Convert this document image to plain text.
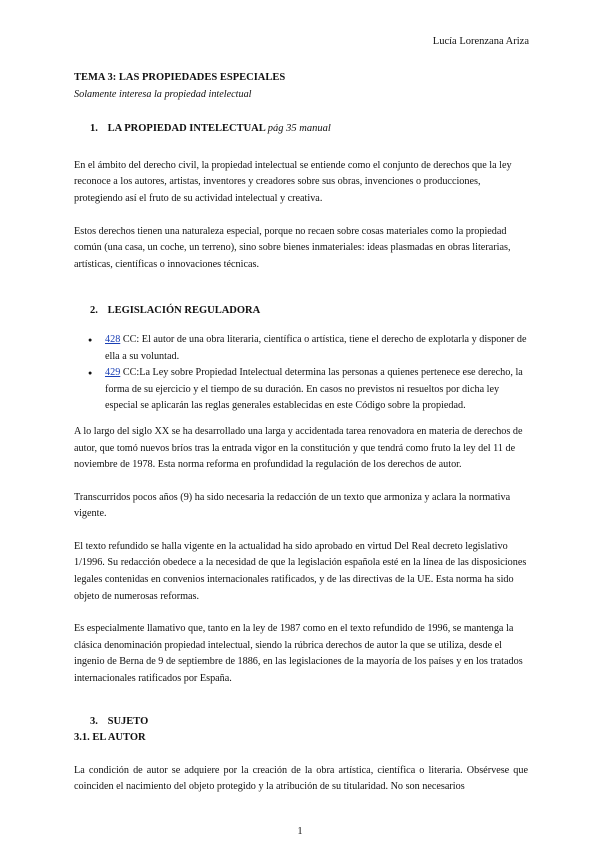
Lucía Lorenzana Ariza

TEMA 3: LAS PROPIEDADES ESPECIALES

Solamente interesa la propiedad intelectual

1. LA PROPIEDAD INTELECTUAL pág 35 manual

En el ámbito del derecho civil, la propiedad intelectual se entiende como el conjunto de derechos que la ley reconoce a los autores, artistas, inventores y creadores sobre sus obras, invenciones o producciones, protegiendo así el fruto de su actividad intelectual y creativa.

Estos derechos tienen una naturaleza especial, porque no recaen sobre cosas materiales como la propiedad común (una casa, un coche, un terreno), sino sobre bienes inmateriales: ideas plasmadas en obras literarias, artísticas, científicas o innovaciones técnicas.

2. LEGISLACIÓN REGULADORA

● 428 CC: El autor de una obra literaria, científica o artística, tiene el derecho de explotarla y disponer de ella a su voluntad.
● 429 CC:La Ley sobre Propiedad Intelectual determina las personas a quienes pertenece ese derecho, la forma de su ejercicio y el tiempo de su duración. En casos no previstos ni resueltos por dicha ley especial se aplicarán las reglas generales establecidas en este Código sobre la propiedad.

A lo largo del siglo XX se ha desarrollado una larga y accidentada tarea renovadora en materia de derechos de autor, que tomó nuevos bríos tras la entrada vigor en la constitución y que tendrá como fruto la ley del 11 de noviembre de 1978. Esta norma reforma en profundidad la regulación de los derechos de autor.

Transcurridos pocos años (9) ha sido necesaria la redacción de un texto que armoniza y aclara la normativa vigente.

El texto refundido se halla vigente en la actualidad ha sido aprobado en virtud Del Real decreto legislativo 1/1996. Su redacción obedece a la necesidad de que la legislación española esté en la línea de las disposiciones legales contenidas en convenios internacionales ratificados, y de las directivas de la UE. Esta norma ha sido objeto de numerosas reformas.

Es especialmente llamativo que, tanto en la ley de 1987 como en el texto refundido de 1996, se mantenga la clásica denominación propiedad intelectual, siendo la rúbrica derechos de autor la que se utiliza, desde el ingenio de Berna de 9 de septiembre de 1886, en las legislaciones de la mayoría de los países y en los tratados internacionales ratificados por España.

3. SUJETO

3.1. EL AUTOR

La condición de autor se adquiere por la creación de la obra artística, científica o literaria. Obsérvese que coinciden el nacimiento del objeto protegido y la atribución de su titularidad. No son necesarios

1
